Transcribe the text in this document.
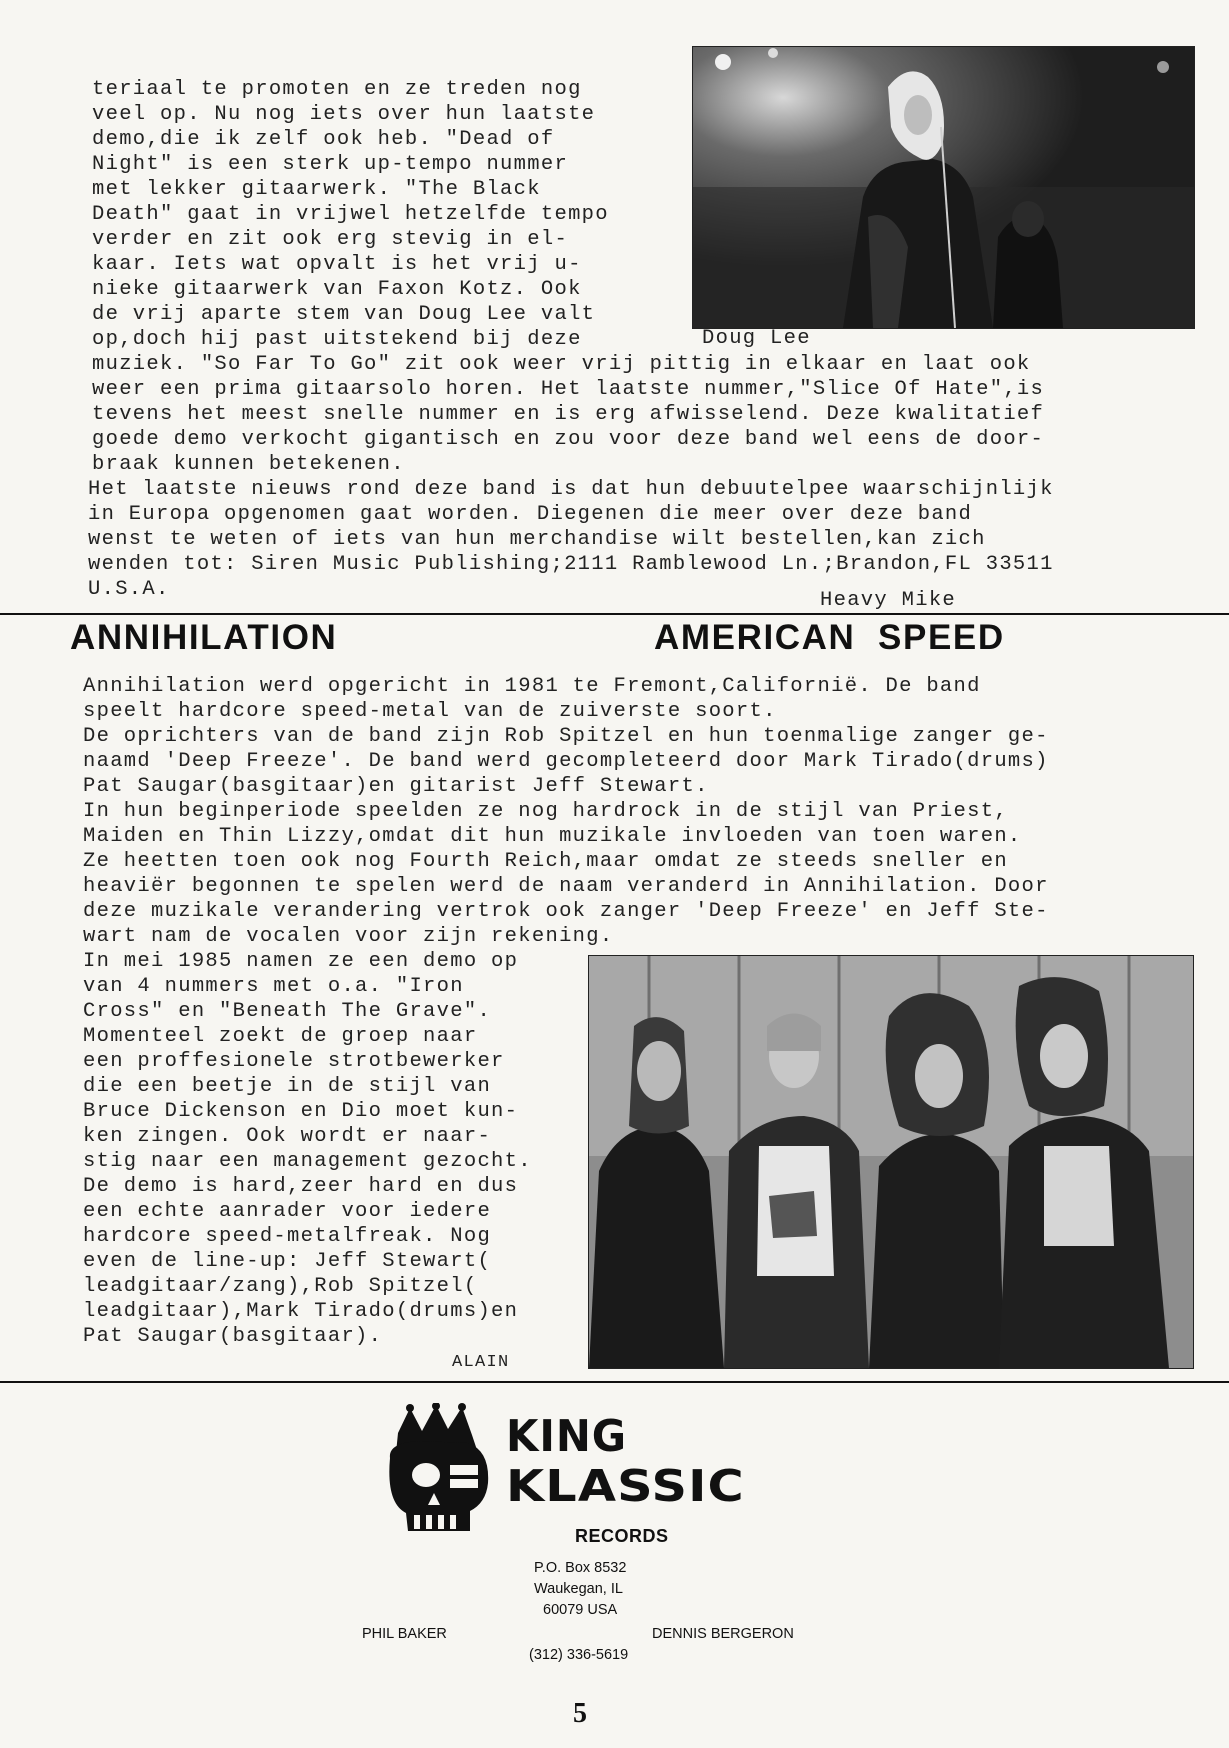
teriaal te promoten en ze treden nog
veel op. Nu nog iets over hun laatste
demo,die ik zelf ook heb. "Dead of
Night" is een sterk up-tempo nummer
met lekker gitaarwerk. "The Black
Death" gaat in vrijwel hetzelfde tempo
verder en zit ook erg stevig in el-
kaar. Iets wat opvalt is het vrij u-
nieke gitaarwerk van Faxon Kotz. Ook
de vrij aparte stem van Doug Lee valt
op,doch hij past uitstekend bij deze
muziek. "So Far To Go" zit ook weer vrij pittig in elkaar en laat ook
weer een prima gitaarsolo horen. Het laatste nummer,"Slice Of Hate",is
tevens het meest snelle nummer en is erg afwisselend. Deze kwalitatief
goede demo verkocht gigantisch en zou voor deze band wel eens de door-
braak kunnen betekenen.
Het laatste nieuws rond deze band is dat hun debuutelpee waarschijnlijk
in Europa opgenomen gaat worden. Diegenen die meer over deze band
wenst te weten of iets van hun merchandise wilt bestellen,kan zich
wenden tot: Siren Music Publishing;2111 Ramblewood Ln.;Brandon,FL 33511
U.S.A.
Doug Lee
Heavy Mike
ANNIHILATION	AMERICAN  SPEED
Annihilation werd opgericht in 1981 te Fremont,Californië. De band
speelt hardcore speed-metal van de zuiverste soort.
De oprichters van de band zijn Rob Spitzel en hun toenmalige zanger ge-
naamd 'Deep Freeze'. De band werd gecompleteerd door Mark Tirado(drums)
Pat Saugar(basgitaar)en gitarist Jeff Stewart.
In hun beginperiode speelden ze nog hardrock in de stijl van Priest,
Maiden en Thin Lizzy,omdat dit hun muzikale invloeden van toen waren.
Ze heetten toen ook nog Fourth Reich,maar omdat ze steeds sneller en
heaviër begonnen te spelen werd de naam veranderd in Annihilation. Door
deze muzikale verandering vertrok ook zanger 'Deep Freeze' en Jeff Ste-
wart nam de vocalen voor zijn rekening.
In mei 1985 namen ze een demo op
van 4 nummers met o.a. "Iron
Cross" en "Beneath The Grave".
Momenteel zoekt de groep naar
een proffesionele strotbewerker
die een beetje in de stijl van
Bruce Dickenson en Dio moet kun-
ken zingen. Ook wordt er naar-
stig naar een management gezocht.
De demo is hard,zeer hard en dus
een echte aanrader voor iedere
hardcore speed-metalfreak. Nog
even de line-up: Jeff Stewart(
leadgitaar/zang),Rob Spitzel(
leadgitaar),Mark Tirado(drums)en
Pat Saugar(basgitaar).
ALAIN
KING
KLASSIC
RECORDS
P.O. Box 8532
Waukegan, IL
60079 USA
PHIL BAKER	DENNIS BERGERON
(312) 336-5619
5
